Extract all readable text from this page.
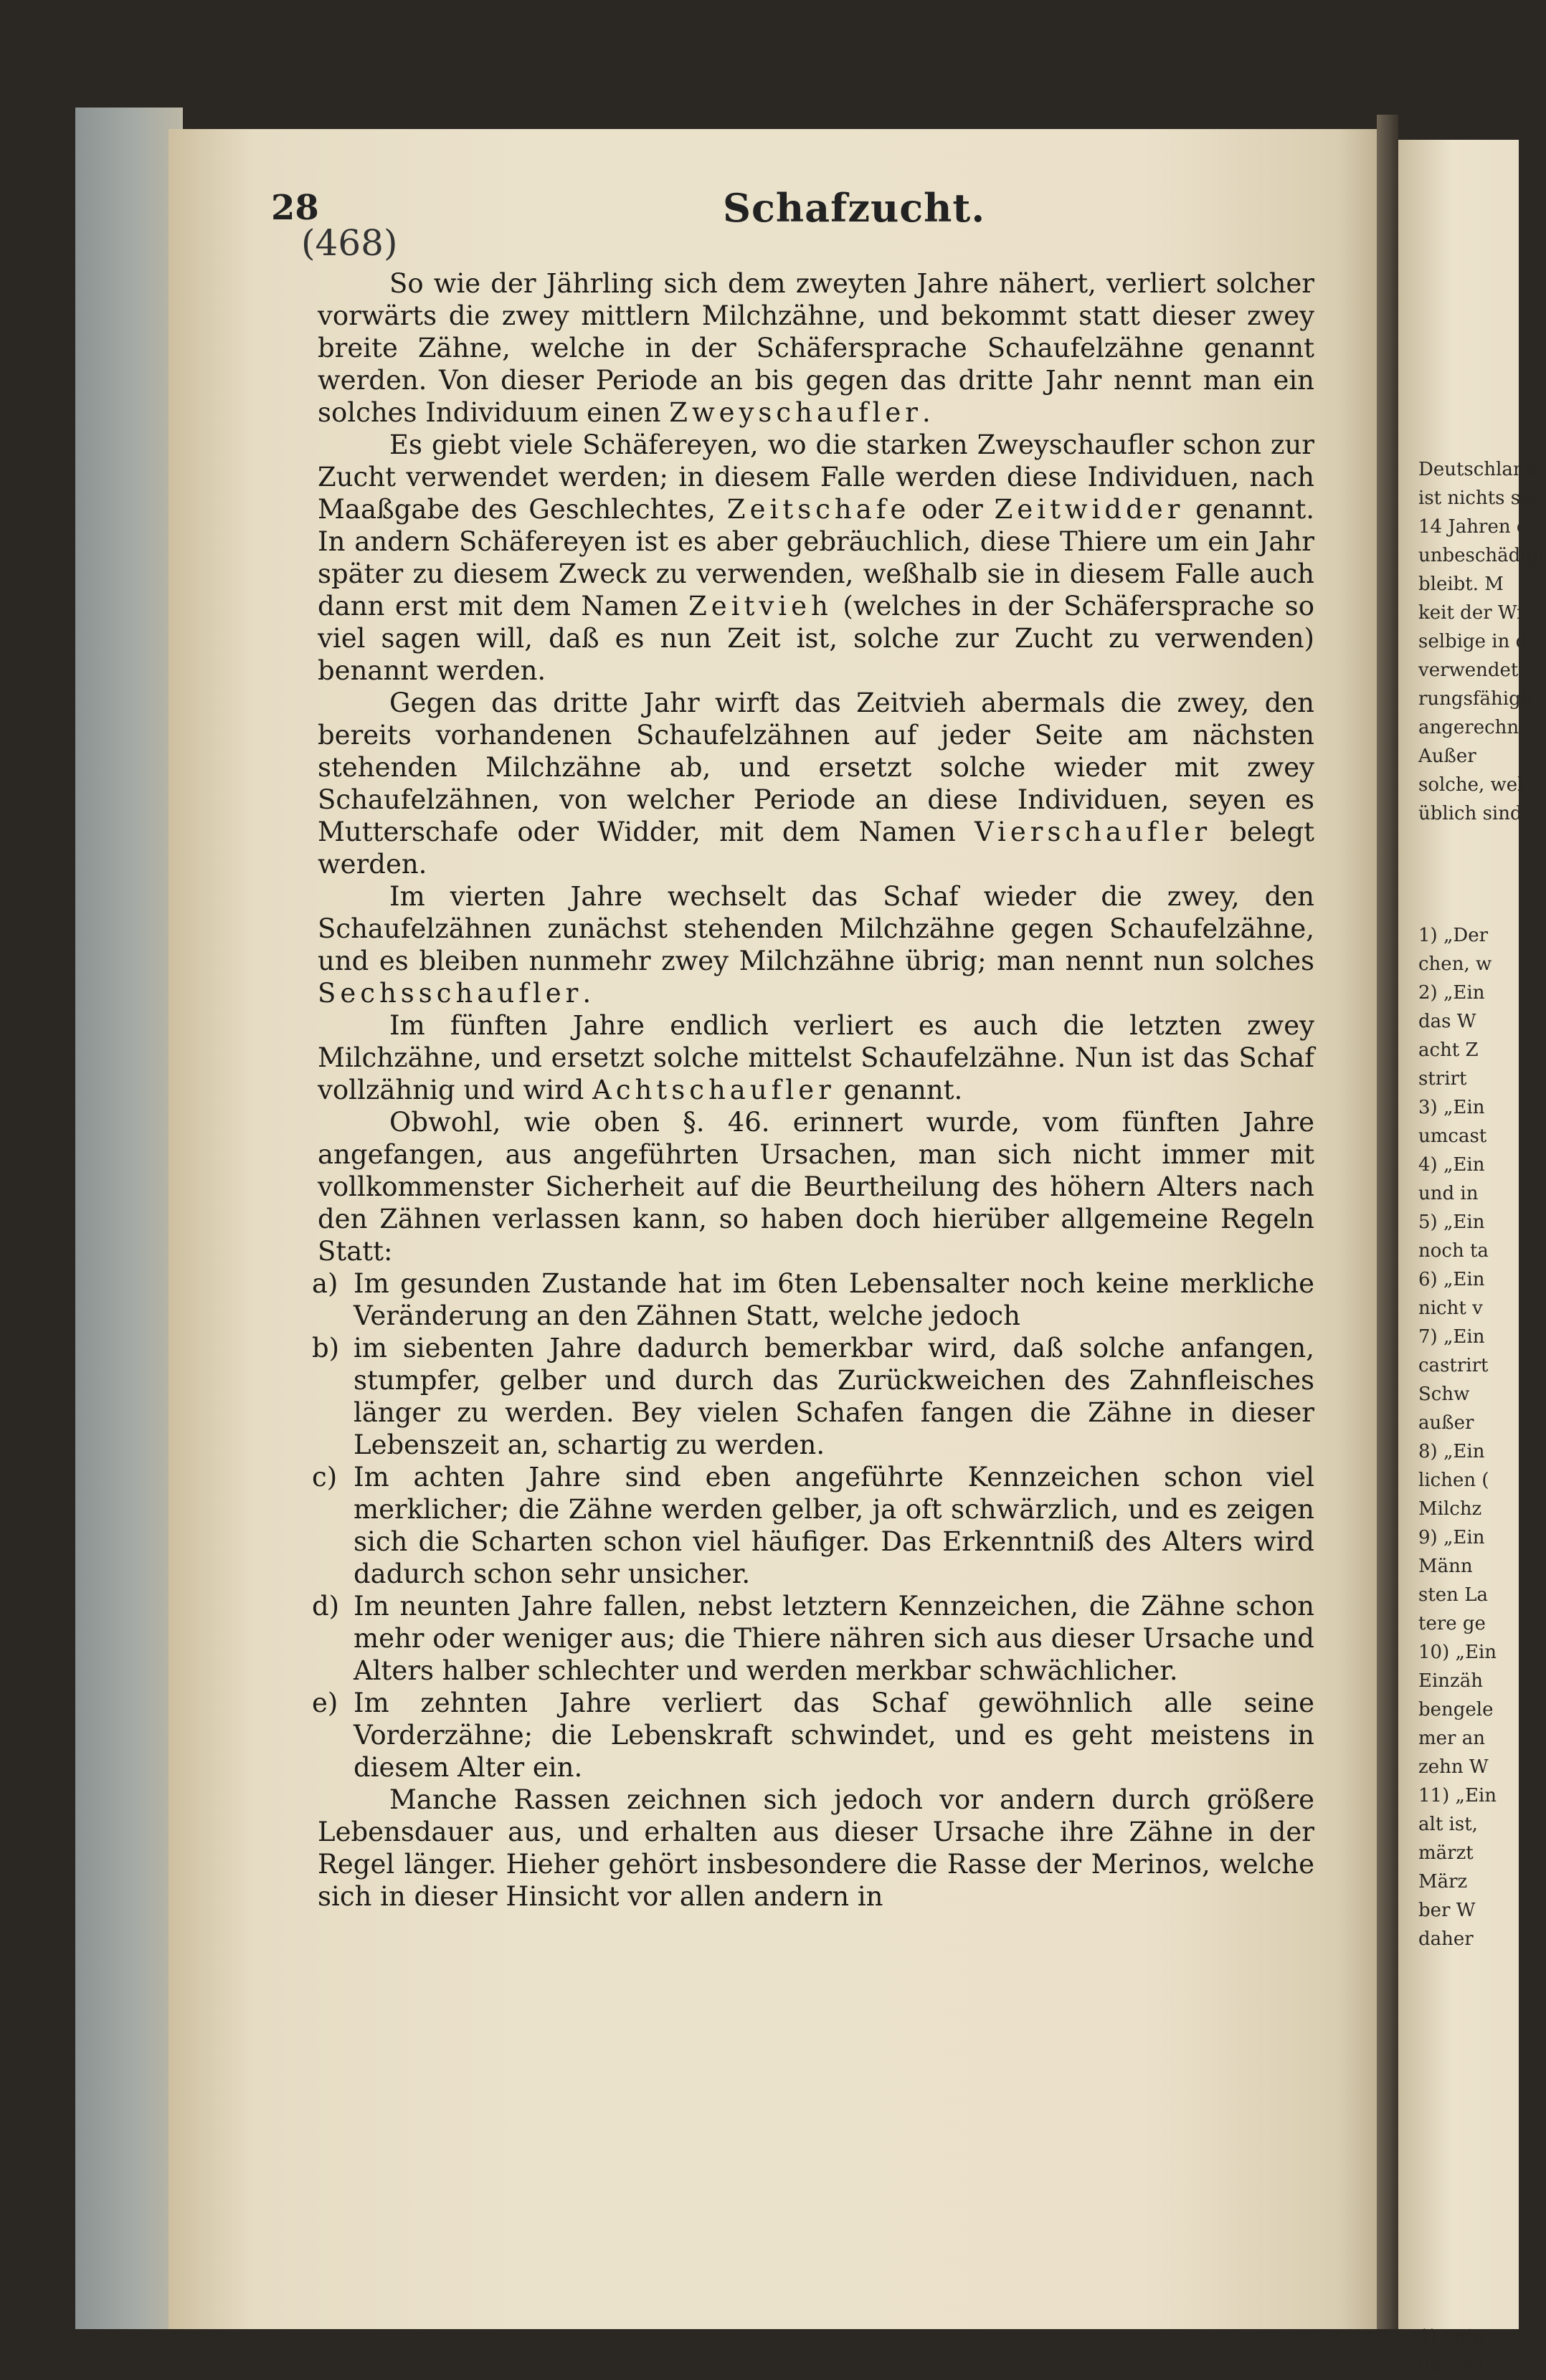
28	Schafzucht.
(468)

So wie der Jährling sich dem zweyten Jahre nähert, verliert solcher vorwärts die zwey mittlern Milchzähne, und bekommt statt dieser zwey breite Zähne, welche in der Schäfersprache Schaufelzähne genannt werden. Von dieser Periode an bis gegen das dritte Jahr nennt man ein solches Individuum einen Zweyschaufler.

Es giebt viele Schäfereyen, wo die starken Zweyschaufler schon zur Zucht verwendet werden; in diesem Falle werden diese Individuen, nach Maaßgabe des Geschlechtes, Zeitschafe oder Zeitwidder genannt. In andern Schäfereyen ist es aber gebräuchlich, diese Thiere um ein Jahr später zu diesem Zweck zu verwenden, weßhalb sie in diesem Falle auch dann erst mit dem Namen Zeitvieh (welches in der Schäfersprache so viel sagen will, daß es nun Zeit ist, solche zur Zucht zu verwenden) benannt werden.

Gegen das dritte Jahr wirft das Zeitvieh abermals die zwey, den bereits vorhandenen Schaufelzähnen auf jeder Seite am nächsten stehenden Milchzähne ab, und ersetzt solche wieder mit zwey Schaufelzähnen, von welcher Periode an diese Individuen, seyen es Mutterschafe oder Widder, mit dem Namen Vierschaufler belegt werden.

Im vierten Jahre wechselt das Schaf wieder die zwey, den Schaufelzähnen zunächst stehenden Milchzähne gegen Schaufelzähne, und es bleiben nunmehr zwey Milchzähne übrig; man nennt nun solches Sechsschaufler.

Im fünften Jahre endlich verliert es auch die letzten zwey Milchzähne, und ersetzt solche mittelst Schaufelzähne. Nun ist das Schaf vollzähnig und wird Achtschaufler genannt.

Obwohl, wie oben §. 46. erinnert wurde, vom fünften Jahre angefangen, aus angeführten Ursachen, man sich nicht immer mit vollkommenster Sicherheit auf die Beurtheilung des höhern Alters nach den Zähnen verlassen kann, so haben doch hierüber allgemeine Regeln Statt:

a) Im gesunden Zustande hat im 6ten Lebensalter noch keine merkliche Veränderung an den Zähnen Statt, welche jedoch

b) im siebenten Jahre dadurch bemerkbar wird, daß solche anfangen, stumpfer, gelber und durch das Zurückweichen des Zahnfleisches länger zu werden. Bey vielen Schafen fangen die Zähne in dieser Lebenszeit an, schartig zu werden.

c) Im achten Jahre sind eben angeführte Kennzeichen schon viel merklicher; die Zähne werden gelber, ja oft schwärzlich, und es zeigen sich die Scharten schon viel häufiger. Das Erkenntniß des Alters wird dadurch schon sehr unsicher.

d) Im neunten Jahre fallen, nebst letztern Kennzeichen, die Zähne schon mehr oder weniger aus; die Thiere nähren sich aus dieser Ursache und Alters halber schlechter und werden merkbar schwächlicher.

e) Im zehnten Jahre verliert das Schaf gewöhnlich alle seine Vorderzähne; die Lebenskraft schwindet, und es geht meistens in diesem Alter ein.

Manche Rassen zeichnen sich jedoch vor andern durch größere Lebensdauer aus, und erhalten aus dieser Ursache ihre Zähne in der Regel länger. Hieher gehört insbesondere die Rasse der Merinos, welche sich in dieser Hinsicht vor allen andern in

Deutschland
ist nichts sel
14 Jahren e
unbeschädigt
bleibt. M
keit der Wi
selbige in d
verwendet
rungsfähigk
angerechnet.
Außer
solche, wel
üblich sind.
1) „Der
chen, w
2) „Ein
das W
acht Z
strirt
3) „Ein
umcast
4) „Ein
und in
5) „Ein
noch ta
6) „Ein
nicht v
7) „Ein
castrirt
Schw
außer
8) „Ein
lichen (
Milchz
9) „Ein
Männ
sten La
tere ge
10) „Ein
Einzäh
bengele
mer an
zehn W
11) „Ein
alt ist,
märzt
März
ber W
daher
1) „Ein
das sei
